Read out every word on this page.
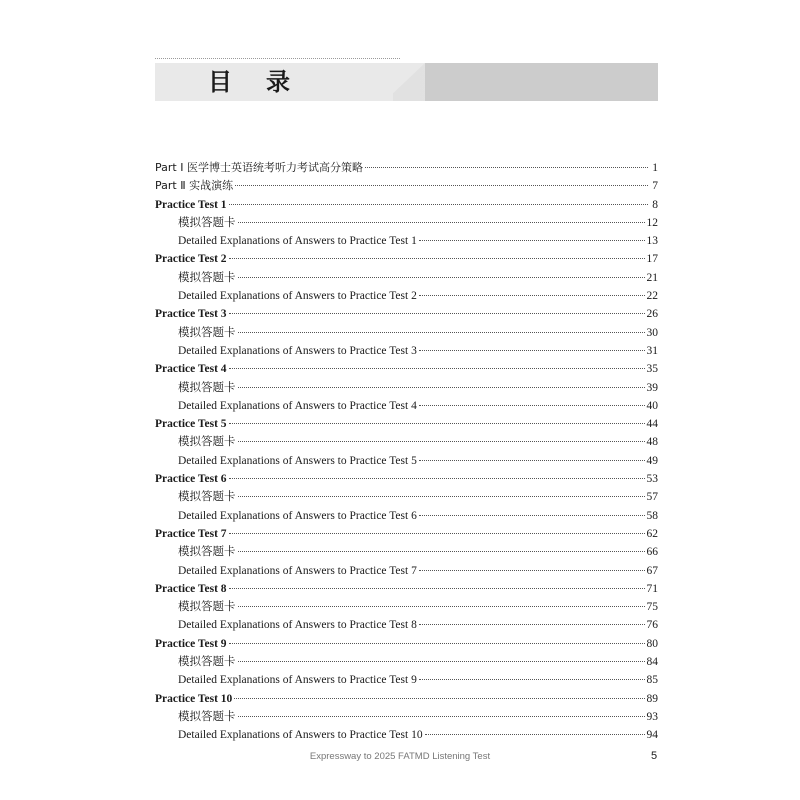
目录
Part Ⅰ 医学博士英语统考听力考试高分策略	1
Part Ⅱ 实战演练	7
Practice Test 1	8
模拟答题卡	12
Detailed Explanations of Answers to Practice Test 1	13
Practice Test 2	17
模拟答题卡	21
Detailed Explanations of Answers to Practice Test 2	22
Practice Test 3	26
模拟答题卡	30
Detailed Explanations of Answers to Practice Test 3	31
Practice Test 4	35
模拟答题卡	39
Detailed Explanations of Answers to Practice Test 4	40
Practice Test 5	44
模拟答题卡	48
Detailed Explanations of Answers to Practice Test 5	49
Practice Test 6	53
模拟答题卡	57
Detailed Explanations of Answers to Practice Test 6	58
Practice Test 7	62
模拟答题卡	66
Detailed Explanations of Answers to Practice Test 7	67
Practice Test 8	71
模拟答题卡	75
Detailed Explanations of Answers to Practice Test 8	76
Practice Test 9	80
模拟答题卡	84
Detailed Explanations of Answers to Practice Test 9	85
Practice Test 10	89
模拟答题卡	93
Detailed Explanations of Answers to Practice Test 10	94
Expressway to 2025 FATMD Listening Test	5
